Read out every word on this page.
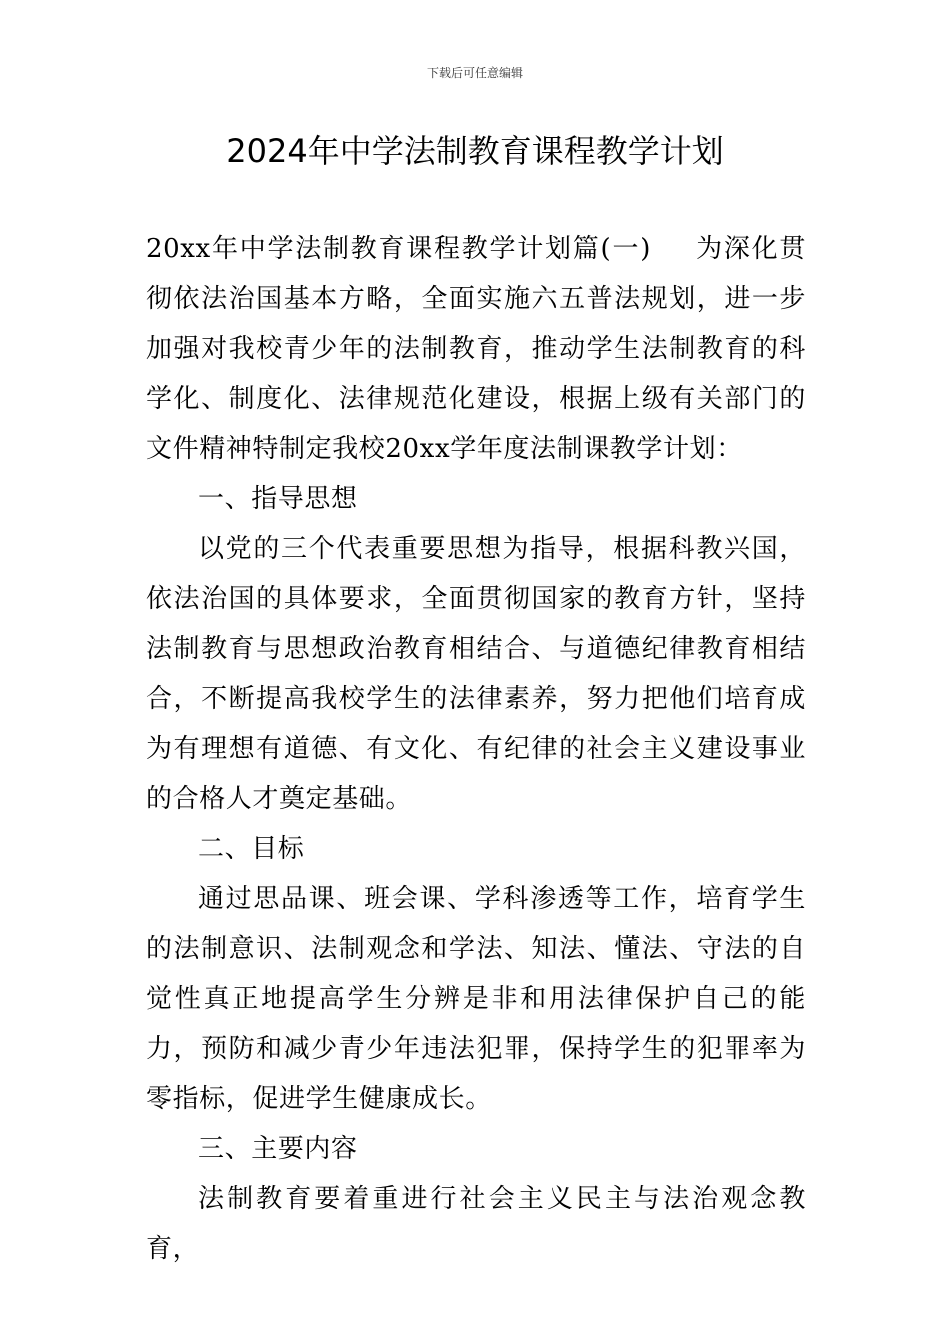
下载后可任意编辑
2024年中学法制教育课程教学计划

20xx年中学法制教育课程教学计划篇(一) 为深化贯彻依法治国基本方略，全面实施六五普法规划，进一步加强对我校青少年的法制教育，推动学生法制教育的科学化、制度化、法律规范化建设，根据上级有关部门的文件精神特制定我校20xx学年度法制课教学计划：

一、指导思想

以党的三个代表重要思想为指导，根据科教兴国，依法治国的具体要求，全面贯彻国家的教育方针，坚持法制教育与思想政治教育相结合、与道德纪律教育相结合，不断提高我校学生的法律素养，努力把他们培育成为有理想有道德、有文化、有纪律的社会主义建设事业的合格人才奠定基础。

二、目标

通过思品课、班会课、学科渗透等工作，培育学生的法制意识、法制观念和学法、知法、懂法、守法的自觉性真正地提高学生分辨是非和用法律保护自己的能力，预防和减少青少年违法犯罪，保持学生的犯罪率为零指标，促进学生健康成长。

三、主要内容

法制教育要着重进行社会主义民主与法治观念教育，
